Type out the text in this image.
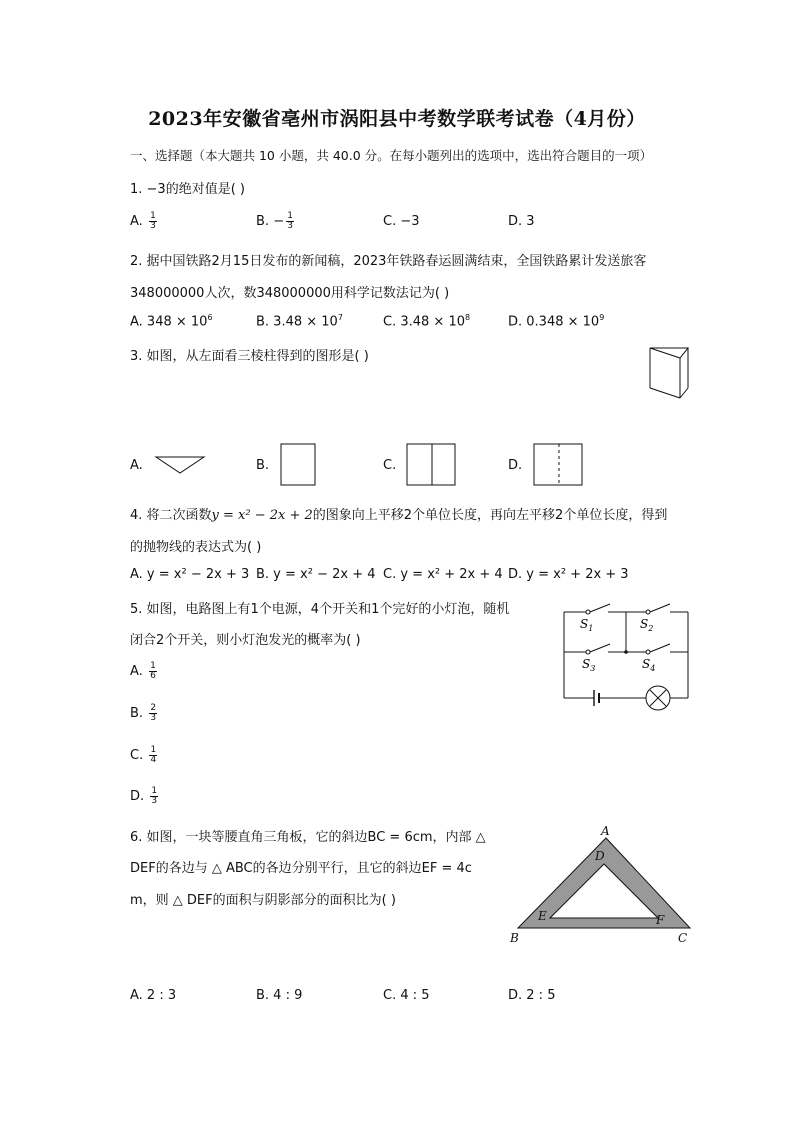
2023年安徽省亳州市涡阳县中考数学联考试卷（4月份）
一、选择题（本大题共 10 小题，共 40.0 分。在每小题列出的选项中，选出符合题目的一项）
1. −3的绝对值是( )
A. $\frac{1}{3}$	B. − $\frac{1}{3}$	C. −3	D. 3
2. 据中国铁路2月15日发布的新闻稿，2023年铁路春运圆满结束，全国铁路累计发送旅客
348000000人次，数348000000用科学记数法记为( )
A. $348 \times 10^6$	B. $3.48 \times 10^7$	C. $3.48 \times 10^8$	D. $0.348 \times 10^9$
3. 如图，从左面看三棱柱得到的图形是( )
A.	B.	C.	D.
4. 将二次函数y = x² − 2x + 2的图象向上平移2个单位长度，再向左平移2个单位长度，得到
的抛物线的表达式为( )
A. y = x² − 2x + 3 B. y = x² − 2x + 4 C. y = x² + 2x + 4 D. y = x² + 2x + 3
5. 如图，电路图上有1个电源，4个开关和1个完好的小灯泡，随机
闭合2个开关，则小灯泡发光的概率为( )
A. $\frac{1}{6}$
B. $\frac{2}{3}$
C. $\frac{1}{4}$
D. $\frac{1}{3}$
$S_1$	$S_2$
$S_3$	$S_4$
6. 如图，一块等腰直角三角板，它的斜边BC = 6cm，内部 △
DEF的各边与 △ ABC的各边分别平行，且它的斜边EF = 4c
m，则 △ DEF的面积与阴影部分的面积比为( )
A
D
E	F
B	C
A. 2 : 3	B. 4 : 9	C. 4 : 5	D. 2 : 5
